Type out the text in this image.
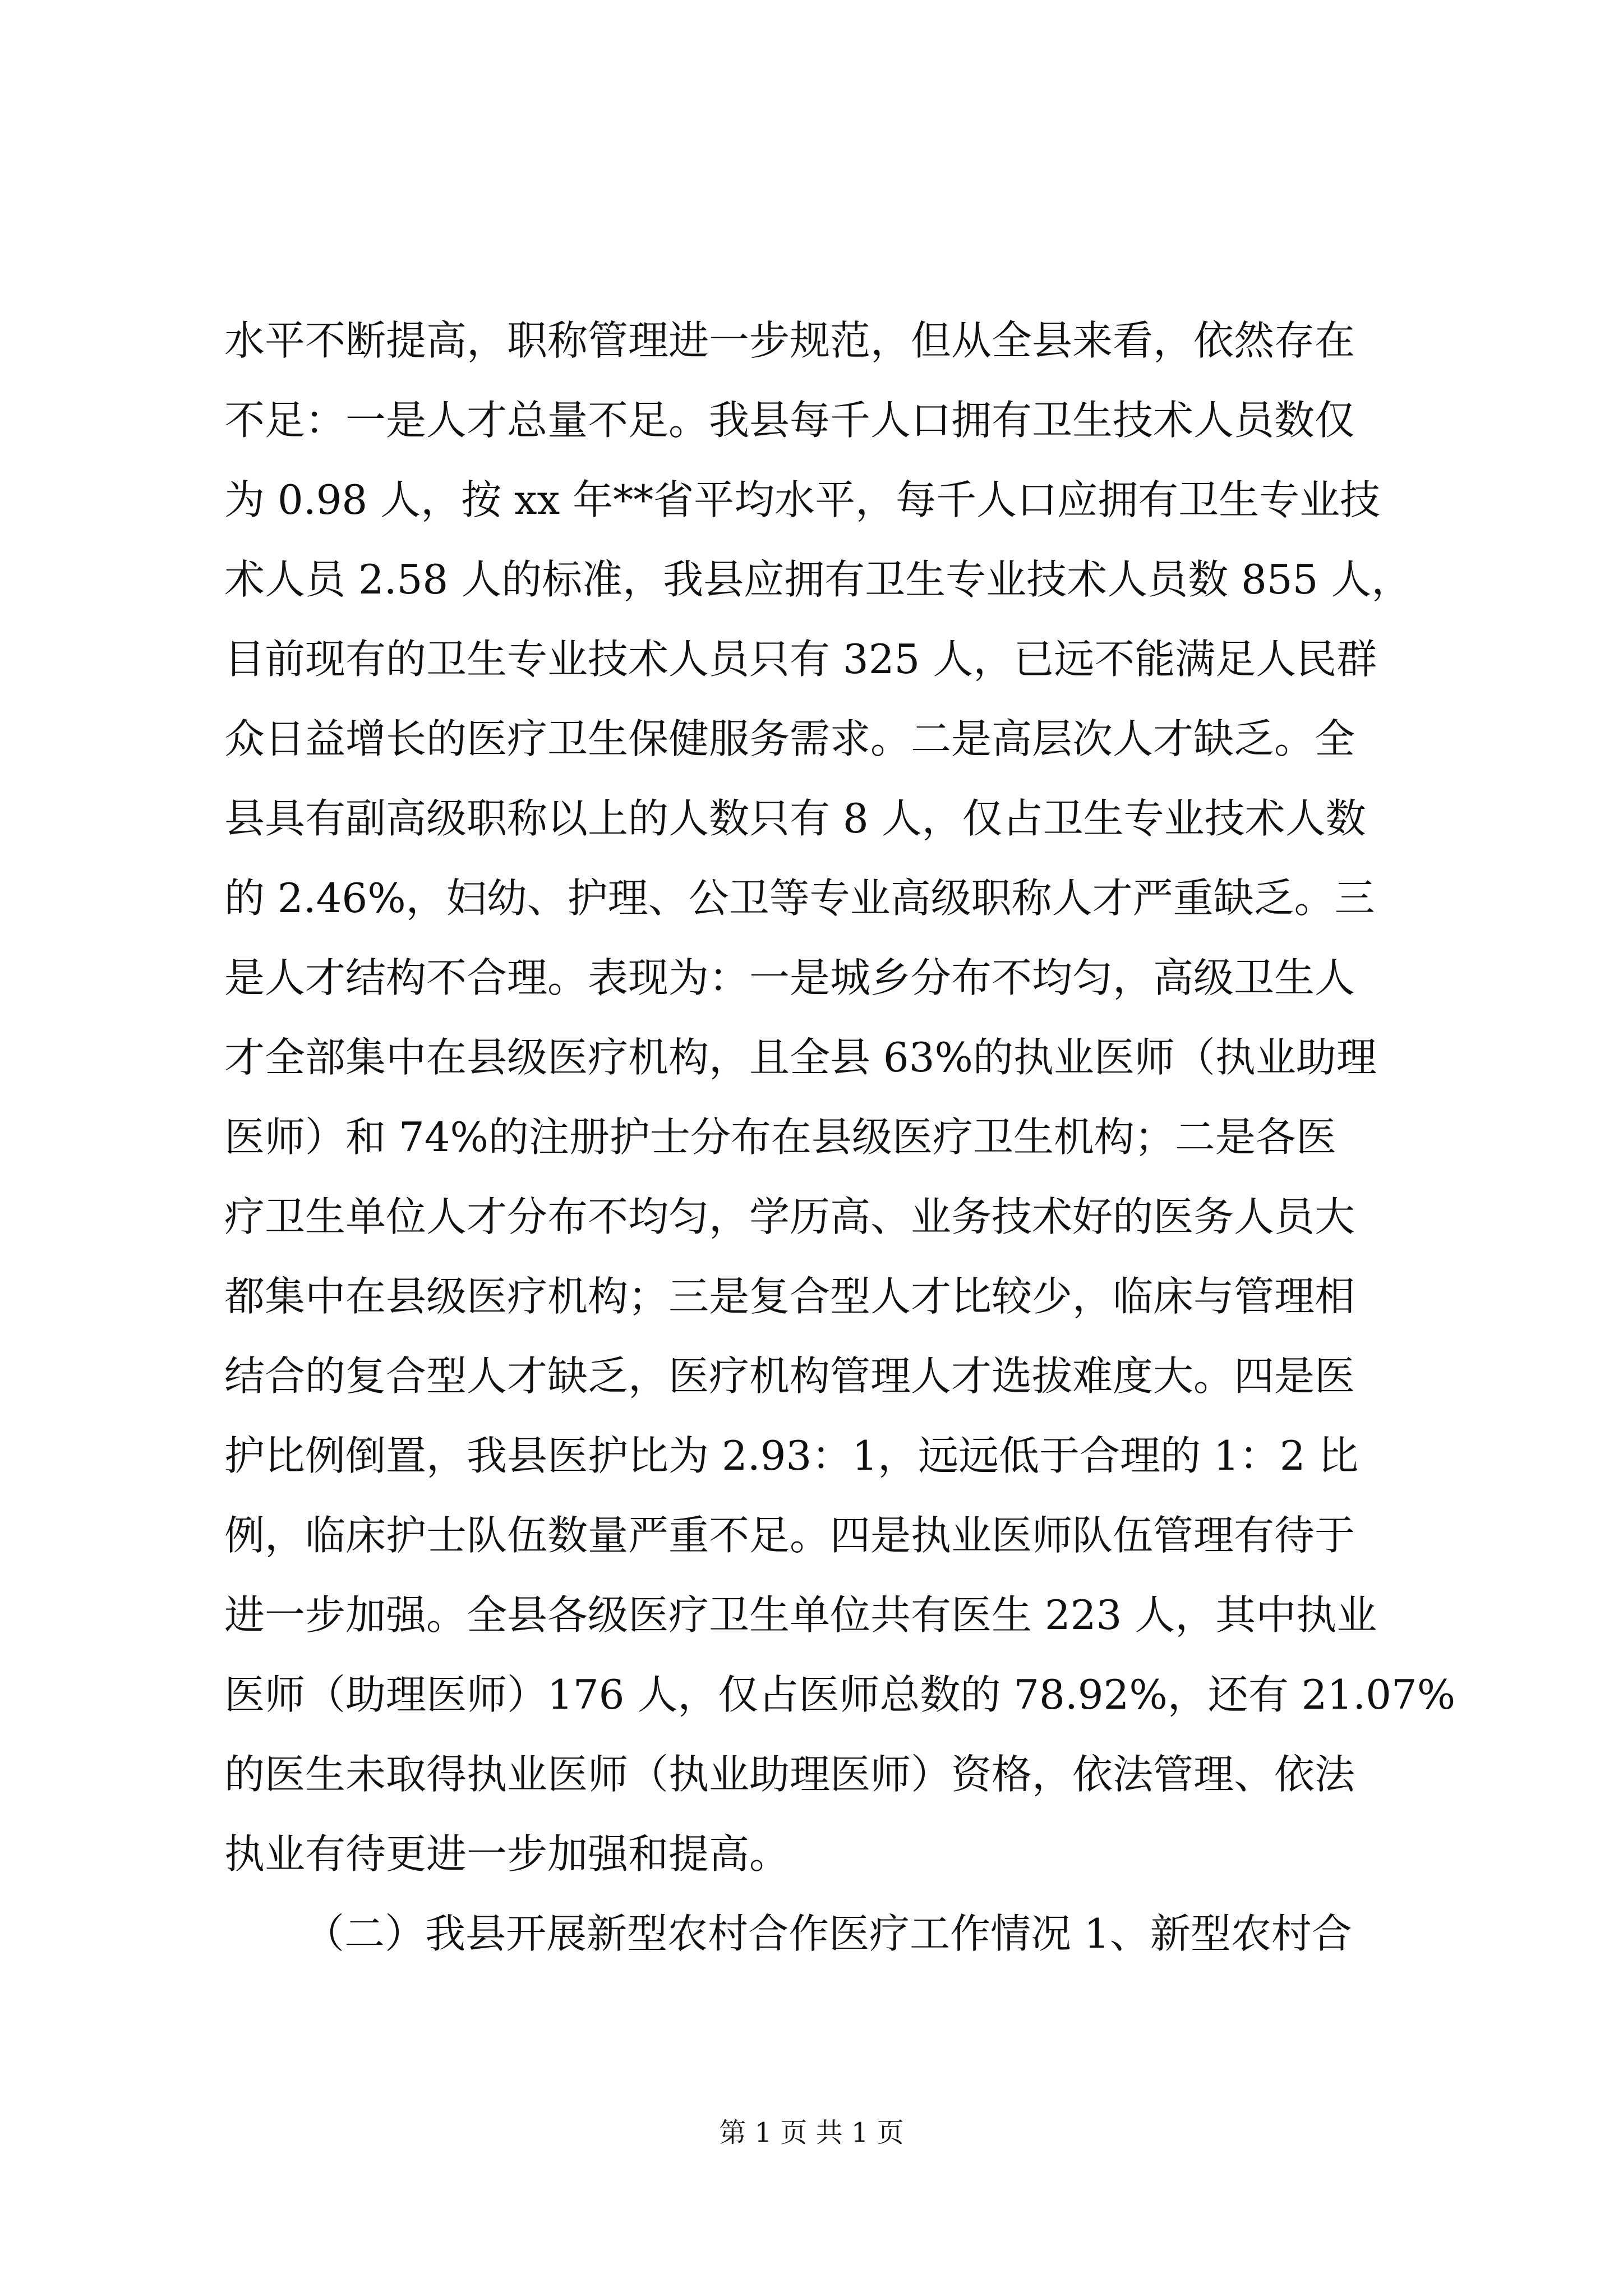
水平不断提高，职称管理进一步规范，但从全县来看，依然存在
不足：一是人才总量不足。我县每千人口拥有卫生技术人员数仅
为 0.98 人，按 xx 年**省平均水平，每千人口应拥有卫生专业技
术人员 2.58 人的标准，我县应拥有卫生专业技术人员数 855 人，
目前现有的卫生专业技术人员只有 325 人，已远不能满足人民群
众日益增长的医疗卫生保健服务需求。二是高层次人才缺乏。全
县具有副高级职称以上的人数只有 8 人，仅占卫生专业技术人数
的 2.46%，妇幼、护理、公卫等专业高级职称人才严重缺乏。三
是人才结构不合理。表现为：一是城乡分布不均匀，高级卫生人
才全部集中在县级医疗机构，且全县 63%的执业医师（执业助理
医师）和 74%的注册护士分布在县级医疗卫生机构；二是各医
疗卫生单位人才分布不均匀，学历高、业务技术好的医务人员大
都集中在县级医疗机构；三是复合型人才比较少，临床与管理相
结合的复合型人才缺乏，医疗机构管理人才选拔难度大。四是医
护比例倒置，我县医护比为 2.93：1，远远低于合理的 1：2 比
例，临床护士队伍数量严重不足。四是执业医师队伍管理有待于
进一步加强。全县各级医疗卫生单位共有医生 223 人，其中执业
医师（助理医师）176 人，仅占医师总数的 78.92%，还有 21.07%
的医生未取得执业医师（执业助理医师）资格，依法管理、依法
执业有待更进一步加强和提高。
（二）我县开展新型农村合作医疗工作情况 1、新型农村合
第 1 页 共 1 页
